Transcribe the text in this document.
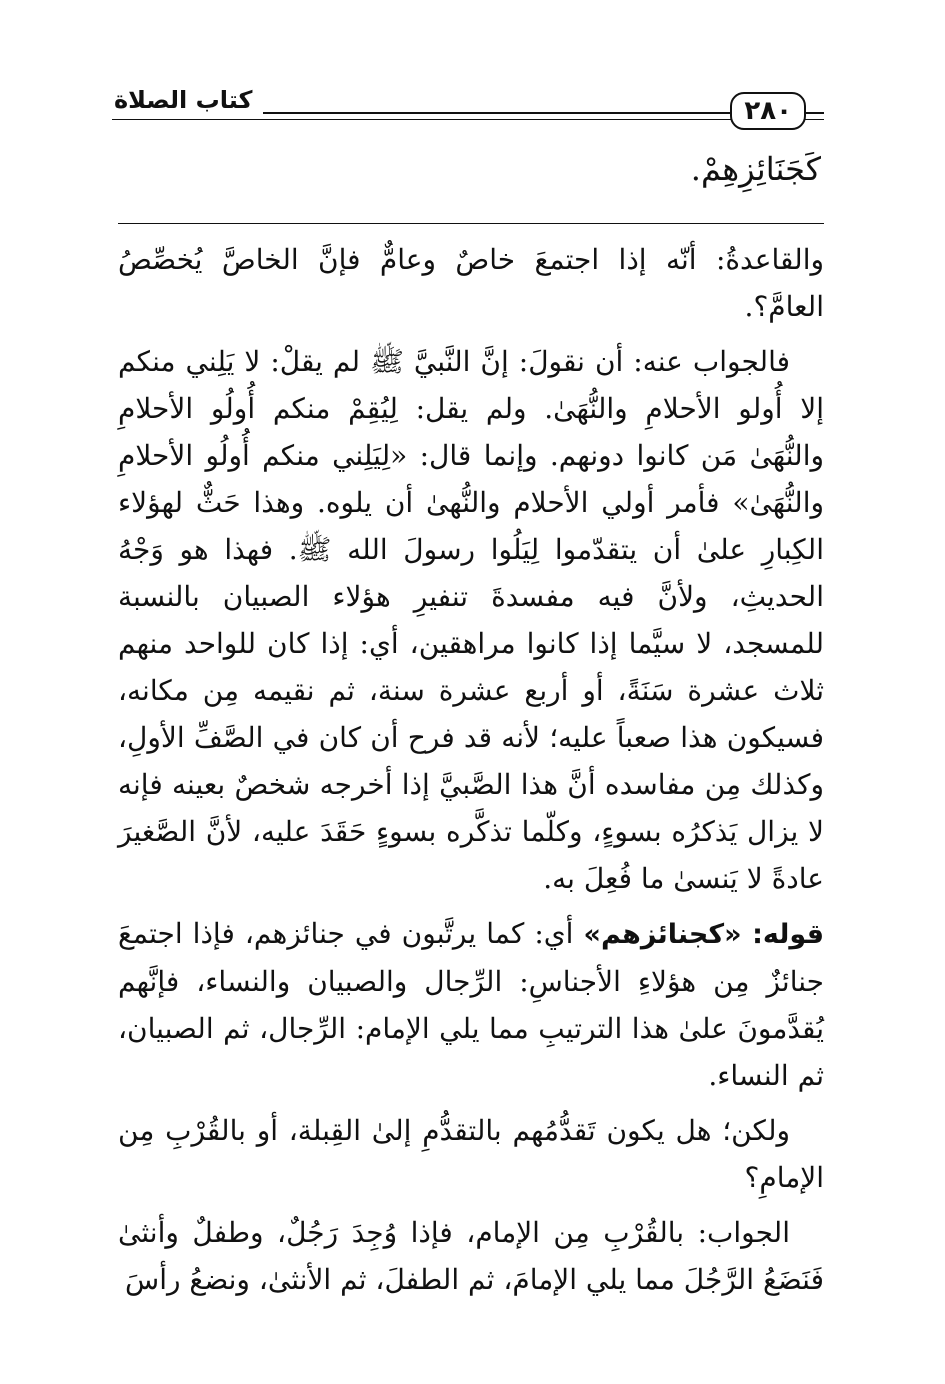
كتاب الصلاة	٢٨٠
كَجَنَائِزِهِمْ.

والقاعدةُ: أنّه إذا اجتمعَ خاصٌ وعامٌّ فإنَّ الخاصَّ يُخصِّصُ العامَّ؟.

فالجواب عنه: أن نقولَ: إنَّ النَّبيَّ ﷺ لم يقلْ: لا يَلِني منكم إلا أُولو الأحلامِ والنُّهَىٰ. ولم يقل: لِيُقِمْ منكم أُولُو الأحلامِ والنُّهَىٰ مَن كانوا دونهم. وإنما قال: «لِيَلِني منكم أُولُو الأحلامِ والنُّهَىٰ» فأمر أولي الأحلام والنُّهىٰ أن يلوه. وهذا حَثٌّ لهؤلاء الكِبارِ علىٰ أن يتقدّموا لِيَلُوا رسولَ الله ﷺ. فهذا هو وَجْهُ الحديثِ، ولأنَّ فيه مفسدةَ تنفيرِ هؤلاء الصبيان بالنسبة للمسجد، لا سيَّما إذا كانوا مراهقين، أي: إذا كان للواحد منهم ثلاث عشرة سَنَةً، أو أربع عشرة سنة، ثم نقيمه مِن مكانه، فسيكون هذا صعباً عليه؛ لأنه قد فرح أن كان في الصَّفِّ الأولِ، وكذلك مِن مفاسده أنَّ هذا الصَّبيَّ إذا أخرجه شخصٌ بعينه فإنه لا يزال يَذكرُه بسوءٍ، وكلّما تذكَّره بسوءٍ حَقَدَ عليه، لأنَّ الصَّغيرَ عادةً لا يَنسىٰ ما فُعِلَ به.

قوله: «كجنائزهم» أي: كما يرتَّبون في جنائزهم، فإذا اجتمعَ جنائزٌ مِن هؤلاءِ الأجناسِ: الرِّجال والصبيان والنساء، فإنَّهم يُقدَّمونَ علىٰ هذا الترتيبِ مما يلي الإمام: الرِّجال، ثم الصبيان، ثم النساء.

ولكن؛ هل يكون تَقدُّمُهم بالتقدُّمِ إلىٰ القِبلة، أو بالقُرْبِ مِن الإمامِ؟

الجواب: بالقُرْبِ مِن الإمام، فإذا وُجِدَ رَجُلٌ، وطفلٌ وأنثىٰ فَنَضَعُ الرَّجُلَ مما يلي الإمامَ، ثم الطفلَ، ثم الأنثىٰ، ونضعُ رأسَ
